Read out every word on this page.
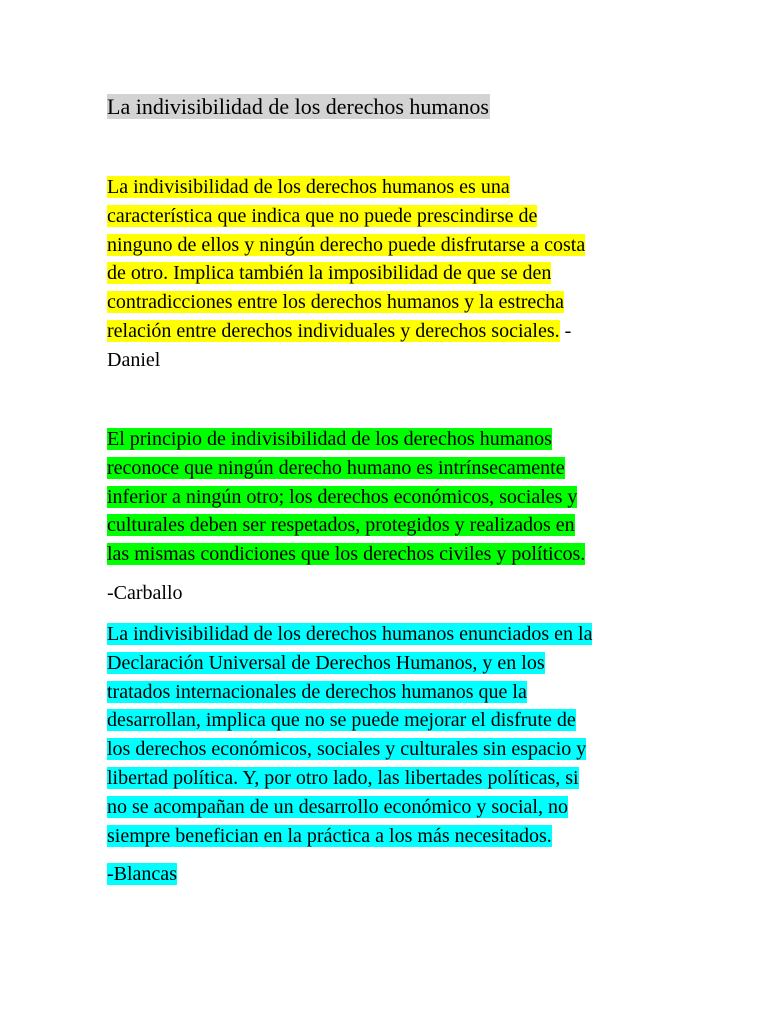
La indivisibilidad de los derechos humanos
La indivisibilidad de los derechos humanos es una
característica que indica que no puede prescindirse de
ninguno de ellos y ningún derecho puede disfrutarse a costa
de otro. Implica también la imposibilidad de que se den
contradicciones entre los derechos humanos y la estrecha
relación entre derechos individuales y derechos sociales. -
Daniel
El principio de indivisibilidad de los derechos humanos
reconoce que ningún derecho humano es intrínsecamente
inferior a ningún otro; los derechos económicos, sociales y
culturales deben ser respetados, protegidos y realizados en
las mismas condiciones que los derechos civiles y políticos.
-Carballo
La indivisibilidad de los derechos humanos enunciados en la
Declaración Universal de Derechos Humanos, y en los
tratados internacionales de derechos humanos que la
desarrollan, implica que no se puede mejorar el disfrute de
los derechos económicos, sociales y culturales sin espacio y
libertad política. Y, por otro lado, las libertades políticas, si
no se acompañan de un desarrollo económico y social, no
siempre benefician en la práctica a los más necesitados.
-Blancas
